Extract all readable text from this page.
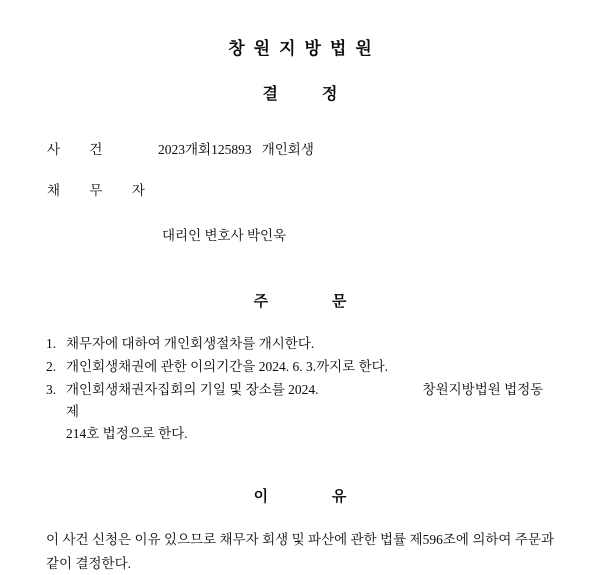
창원지방법원
결정
사 건	2023개회125893   개인회생
채 무 자
대리인 변호사 박인욱
주 문
1. 채무자에 대하여 개인회생절차를 개시한다.
2. 개인회생채권에 관한 이의기간을 2024. 6. 3.까지로 한다.
3. 개인회생채권자집회의 기일 및 장소를 2024.	창원지방법원 법정동 제
214호 법정으로 한다.
이 유

이 사건 신청은 이유 있으므로 채무자 회생 및 파산에 관한 법률 제596조에 의하여 주문과 같이 결정한다.
